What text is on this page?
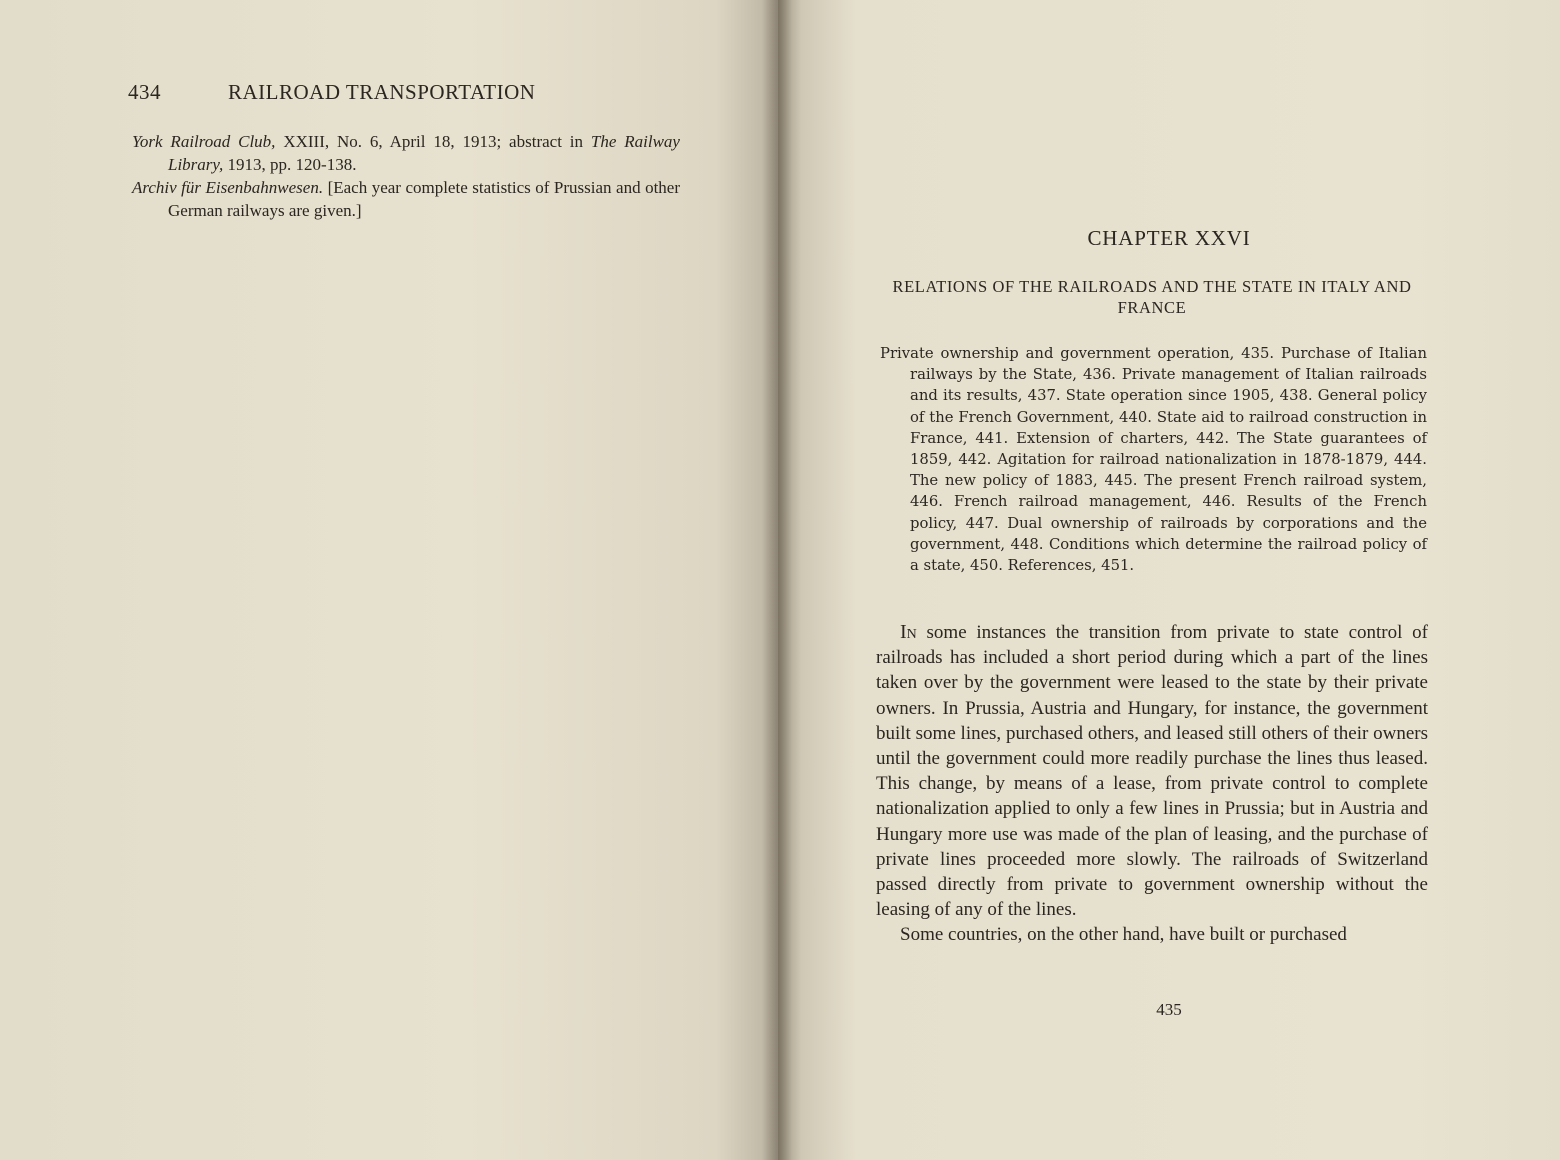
434	RAILROAD TRANSPORTATION
York Railroad Club, XXIII, No. 6, April 18, 1913; abstract in The Railway Library, 1913, pp. 120-138.
Archiv für Eisenbahnwesen. [Each year complete statistics of Prussian and other German railways are given.]
CHAPTER XXVI
RELATIONS OF THE RAILROADS AND THE STATE IN ITALY AND FRANCE
Private ownership and government operation, 435. Purchase of Italian railways by the State, 436. Private management of Italian railroads and its results, 437. State operation since 1905, 438. General policy of the French Government, 440. State aid to railroad construction in France, 441. Extension of charters, 442. The State guarantees of 1859, 442. Agitation for railroad nationalization in 1878-1879, 444. The new policy of 1883, 445. The present French railroad system, 446. French railroad management, 446. Results of the French policy, 447. Dual ownership of railroads by corporations and the government, 448. Conditions which determine the railroad policy of a state, 450. References, 451.

In some instances the transition from private to state control of railroads has included a short period during which a part of the lines taken over by the government were leased to the state by their private owners. In Prussia, Austria and Hungary, for instance, the government built some lines, purchased others, and leased still others of their owners until the government could more readily purchase the lines thus leased. This change, by means of a lease, from private control to complete nationalization applied to only a few lines in Prussia; but in Austria and Hungary more use was made of the plan of leasing, and the purchase of private lines proceeded more slowly. The railroads of Switzerland passed directly from private to government ownership without the leasing of any of the lines.

Some countries, on the other hand, have built or purchased

435
